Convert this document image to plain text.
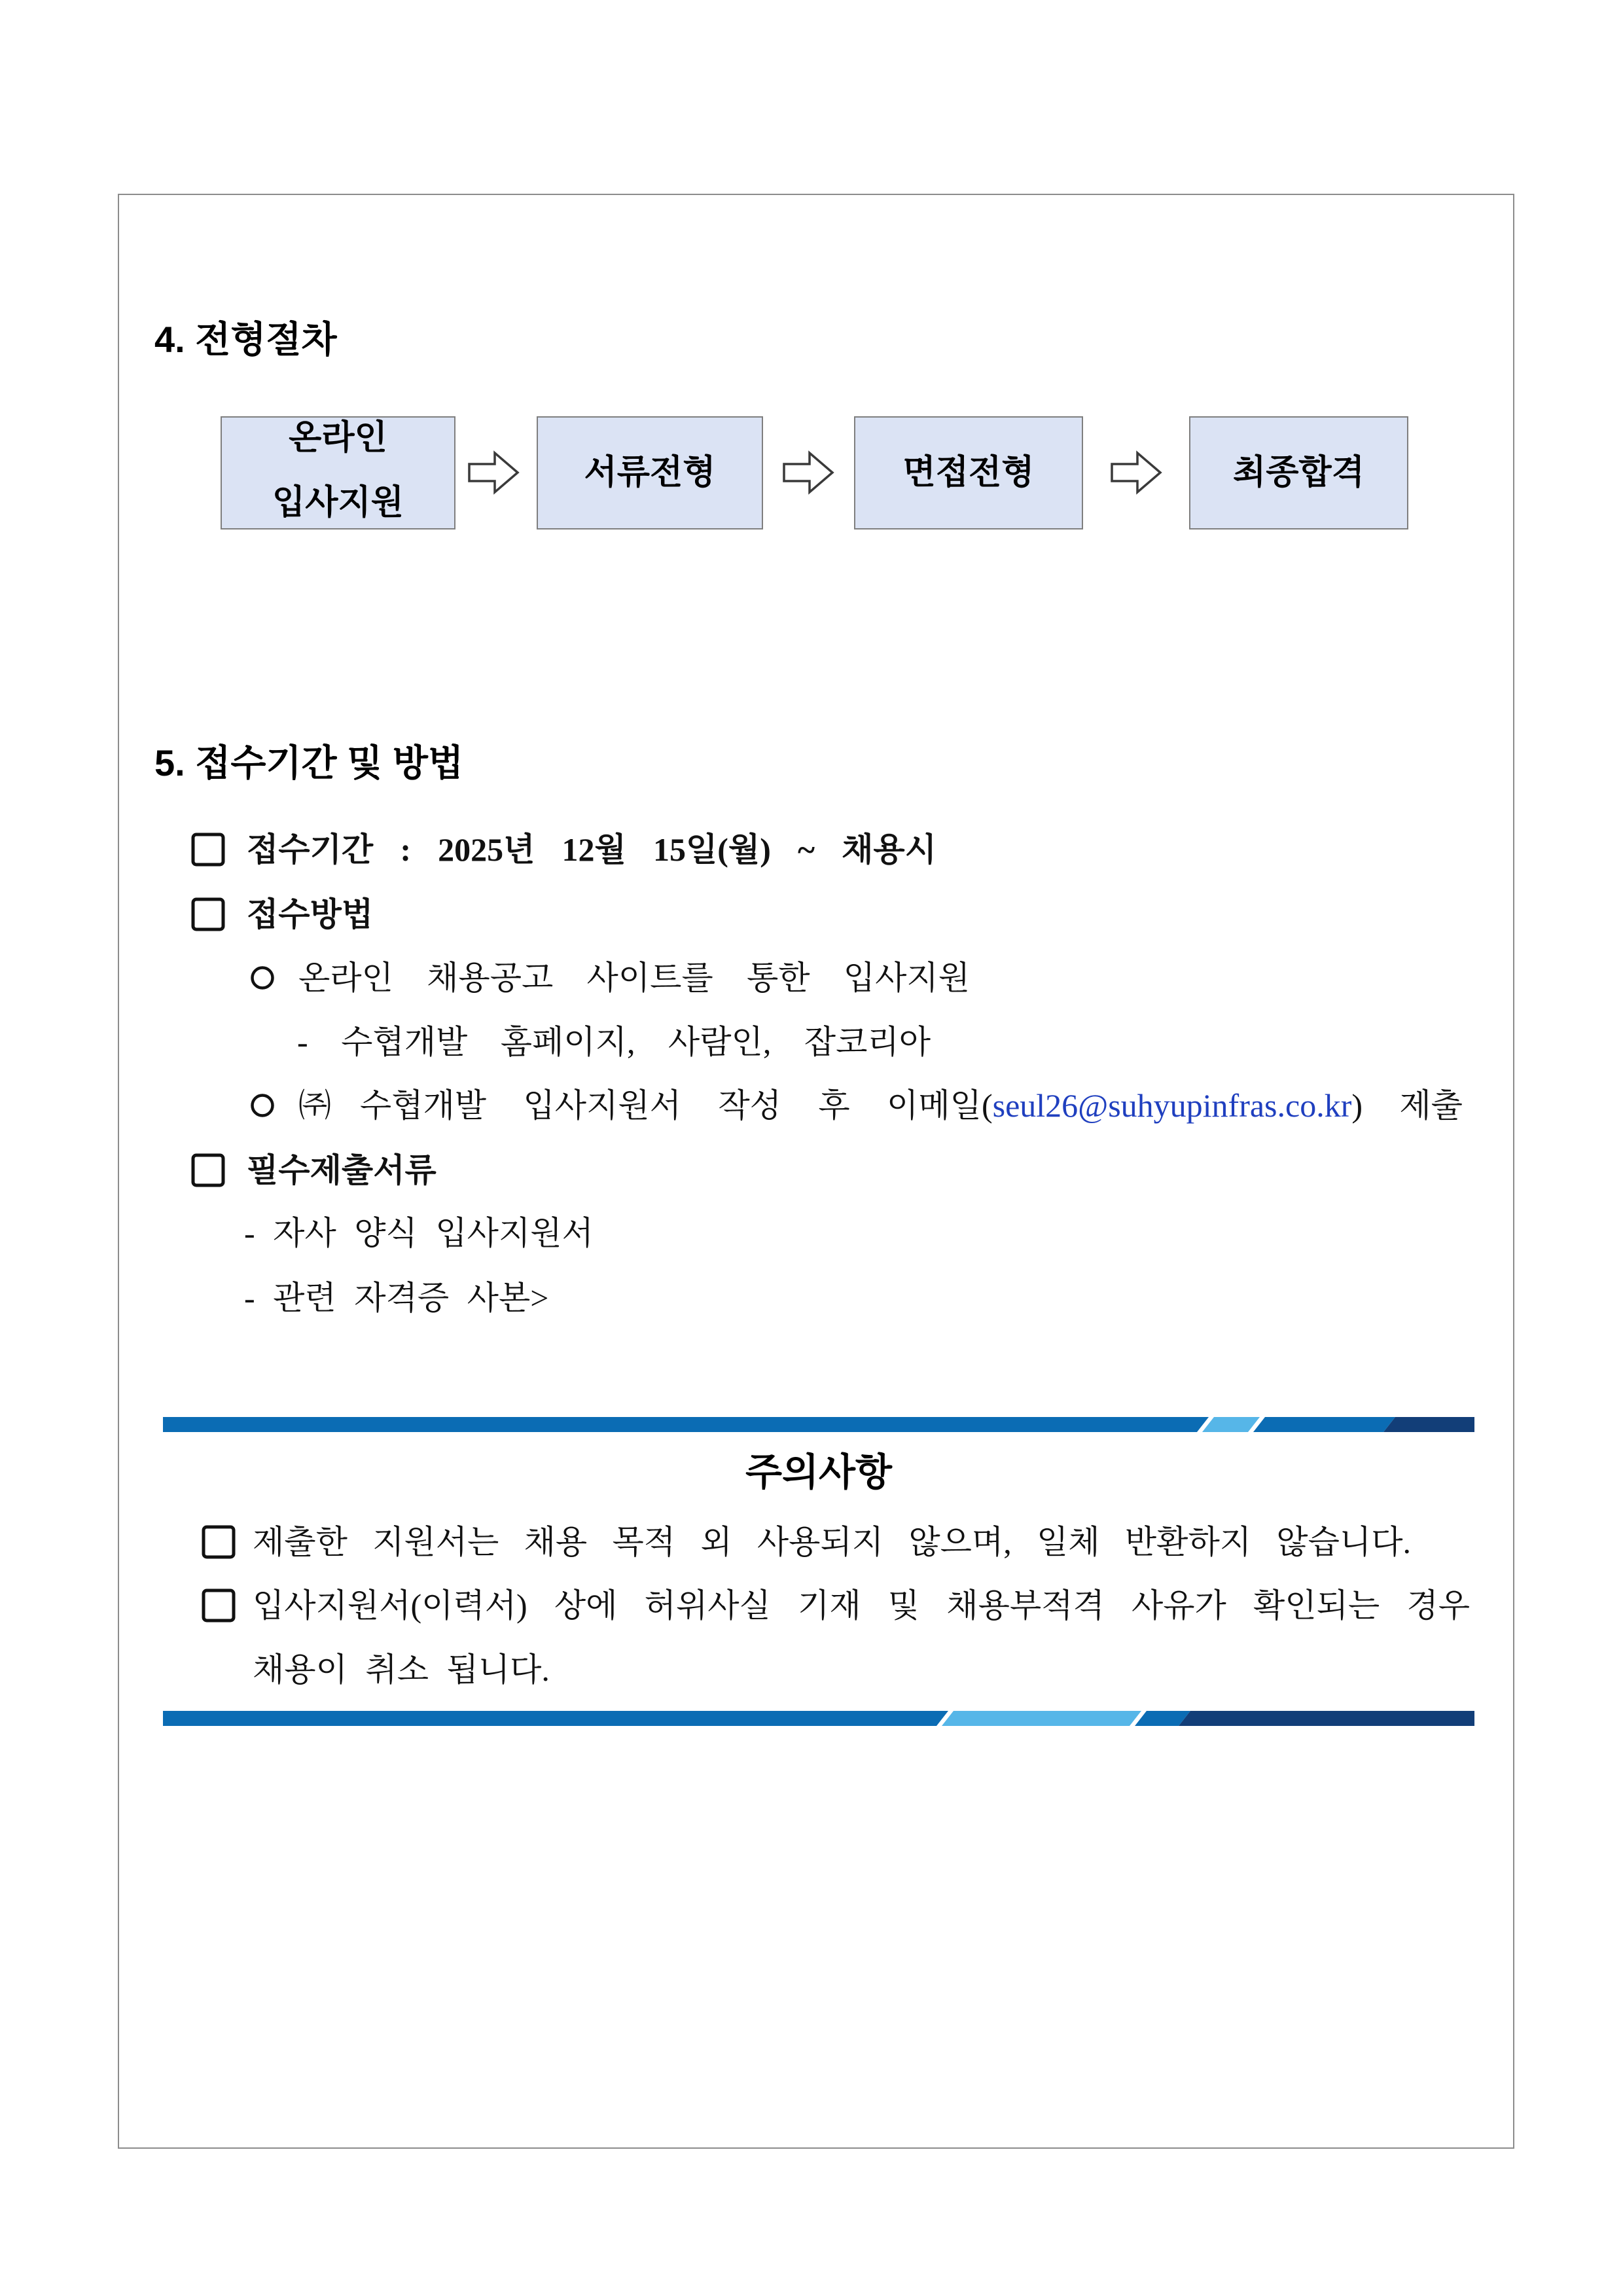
4. 전형절차
온라인
입사지원
서류전형	면접전형	최종합격
5. 접수기간 및 방법
접수기간 : 2025년 12월 15일(월) ~ 채용시
접수방법
온라인 채용공고 사이트를 통한 입사지원
- 수협개발 홈페이지, 사람인, 잡코리아
㈜수협개발 입사지원서 작성 후 이메일(seul26@suhyupinfras.co.kr) 제출
필수제출서류
- 자사 양식 입사지원서
- 관련 자격증 사본>
주의사항
제출한 지원서는 채용 목적 외 사용되지 않으며, 일체 반환하지 않습니다.
입사지원서(이력서) 상에 허위사실 기재 및 채용부적격 사유가 확인되는 경우
채용이 취소 됩니다.
